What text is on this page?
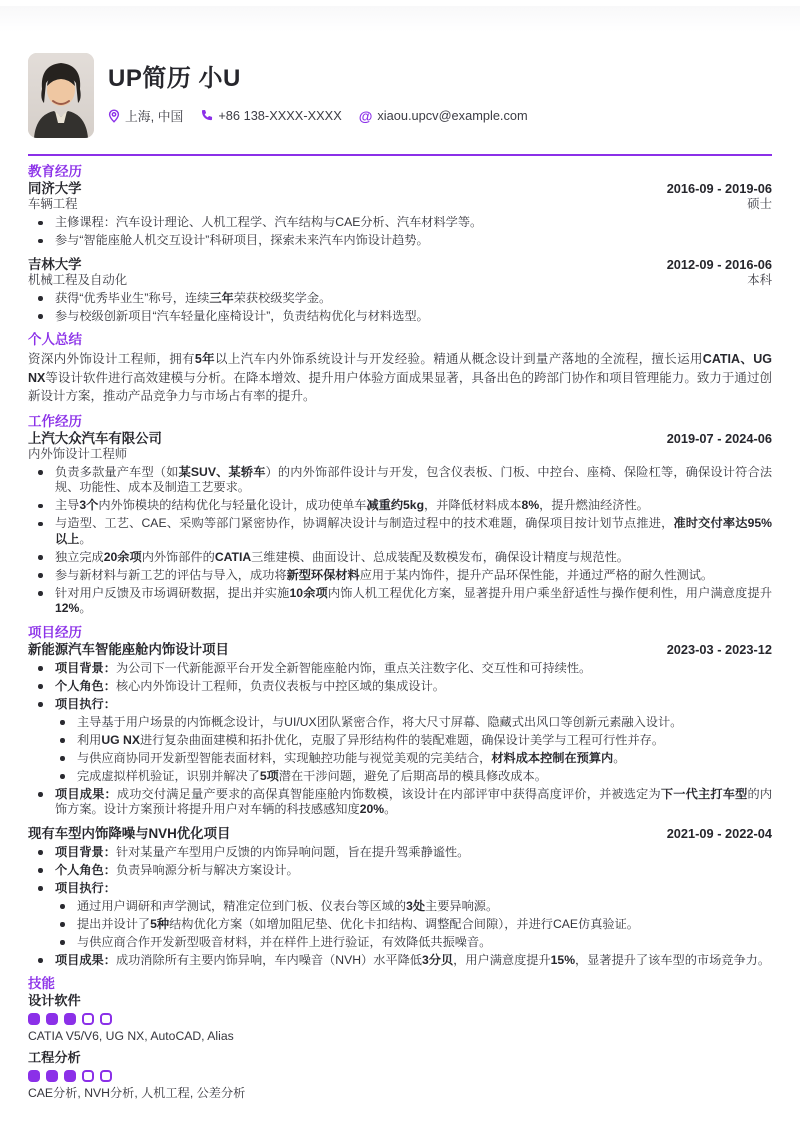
UP简历 小U
上海, 中国	+86 138-XXXX-XXXX @ xiaou.upcv@example.com
教育经历
同济大学	2016-09 - 2019-06
车辆工程	硕士
主修课程：汽车设计理论、人机工程学、汽车结构与CAE分析、汽车材料学等。
参与“智能座舱人机交互设计”科研项目，探索未来汽车内饰设计趋势。
吉林大学	2012-09 - 2016-06
机械工程及自动化	本科
获得“优秀毕业生”称号，连续三年荣获校级奖学金。
参与校级创新项目“汽车轻量化座椅设计”，负责结构优化与材料选型。
个人总结

资深内外饰设计工程师，拥有5年以上汽车内外饰系统设计与开发经验。精通从概念设计到量产落地的全流程，擅长运用CATIA、UG NX等设计软件进行高效建模与分析。在降本增效、提升用户体验方面成果显著，具备出色的跨部门协作和项目管理能力。致力于通过创新设计方案，推动产品竞争力与市场占有率的提升。

工作经历
上汽大众汽车有限公司	2019-07 - 2024-06
内外饰设计工程师
负责多款量产车型（如某SUV、某轿车）的内外饰部件设计与开发，包含仪表板、门板、中控台、座椅、保险杠等，确保设计符合法规、功能性、成本及制造工艺要求。
主导3个内外饰模块的结构优化与轻量化设计，成功使单车减重约5kg，并降低材料成本8%，提升燃油经济性。
与造型、工艺、CAE、采购等部门紧密协作，协调解决设计与制造过程中的技术难题，确保项目按计划节点推进，准时交付率达95%以上。
独立完成20余项内外饰部件的CATIA三维建模、曲面设计、总成装配及数模发布，确保设计精度与规范性。
参与新材料与新工艺的评估与导入，成功将新型环保材料应用于某内饰件，提升产品环保性能，并通过严格的耐久性测试。
针对用户反馈及市场调研数据，提出并实施10余项内饰人机工程优化方案，显著提升用户乘坐舒适性与操作便利性，用户满意度提升12%。
项目经历
新能源汽车智能座舱内饰设计项目	2023-03 - 2023-12
项目背景：为公司下一代新能源平台开发全新智能座舱内饰，重点关注数字化、交互性和可持续性。
个人角色：核心内外饰设计工程师，负责仪表板与中控区域的集成设计。
项目执行：
主导基于用户场景的内饰概念设计，与UI/UX团队紧密合作，将大尺寸屏幕、隐藏式出风口等创新元素融入设计。
利用UG NX进行复杂曲面建模和拓扑优化，克服了异形结构件的装配难题，确保设计美学与工程可行性并存。
与供应商协同开发新型智能表面材料，实现触控功能与视觉美观的完美结合，材料成本控制在预算内。
完成虚拟样机验证，识别并解决了5项潜在干涉问题，避免了后期高昂的模具修改成本。
项目成果：成功交付满足量产要求的高保真智能座舱内饰数模，该设计在内部评审中获得高度评价，并被选定为下一代主打车型的内饰方案。设计方案预计将提升用户对车辆的科技感感知度20%。
现有车型内饰降噪与NVH优化项目	2021-09 - 2022-04
项目背景：针对某量产车型用户反馈的内饰异响问题，旨在提升驾乘静谧性。
个人角色：负责异响源分析与解决方案设计。
项目执行：
通过用户调研和声学测试，精准定位到门板、仪表台等区域的3处主要异响源。
提出并设计了5种结构优化方案（如增加阻尼垫、优化卡扣结构、调整配合间隙），并进行CAE仿真验证。
与供应商合作开发新型吸音材料，并在样件上进行验证，有效降低共振噪音。
项目成果：成功消除所有主要内饰异响，车内噪音（NVH）水平降低3分贝，用户满意度提升15%，显著提升了该车型的市场竞争力。
技能
设计软件
CATIA V5/V6, UG NX, AutoCAD, Alias
工程分析
CAE分析, NVH分析, 人机工程, 公差分析
